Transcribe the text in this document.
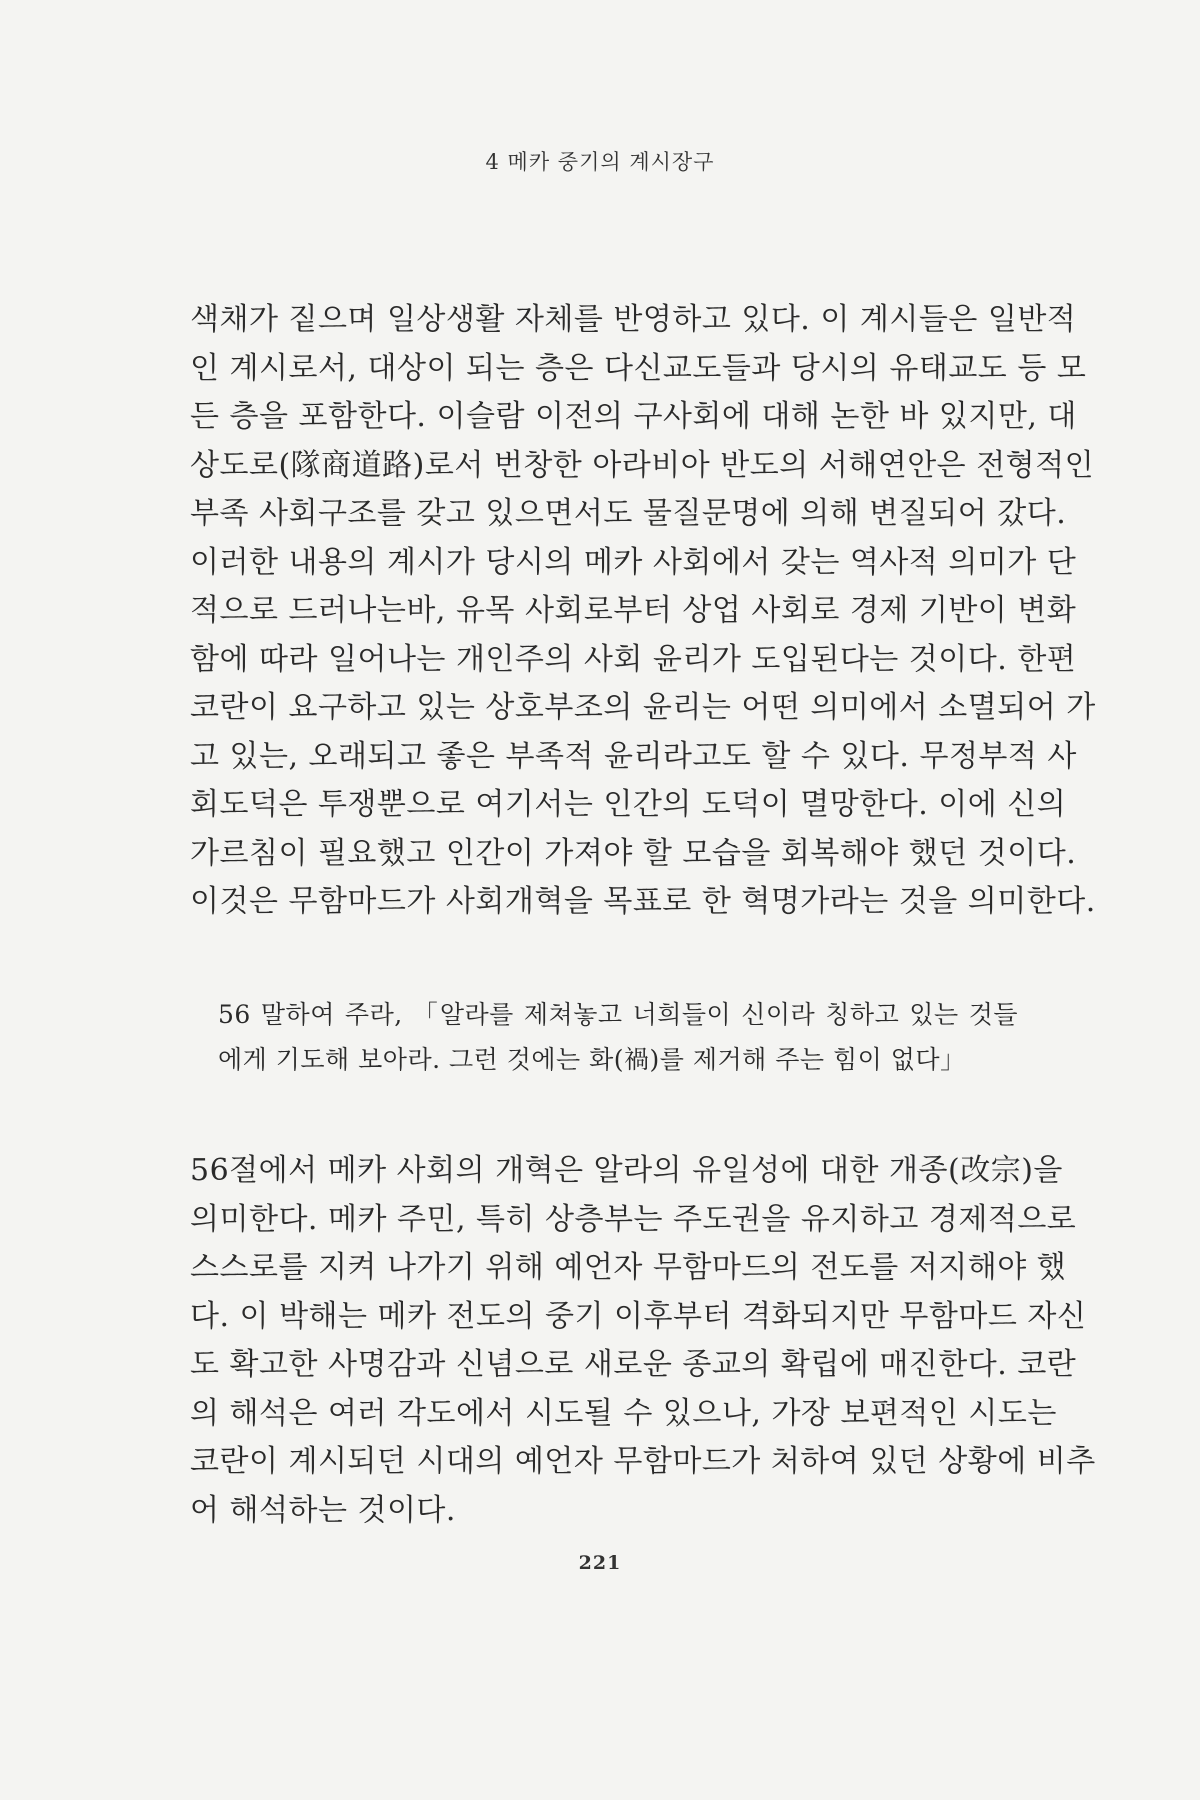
4 메카 중기의 계시장구
색채가 짙으며 일상생활 자체를 반영하고 있다. 이 계시들은 일반적
인 계시로서, 대상이 되는 층은 다신교도들과 당시의 유태교도 등 모
든 층을 포함한다. 이슬람 이전의 구사회에 대해 논한 바 있지만, 대
상도로(隊商道路)로서 번창한 아라비아 반도의 서해연안은 전형적인
부족 사회구조를 갖고 있으면서도 물질문명에 의해 변질되어 갔다.
이러한 내용의 계시가 당시의 메카 사회에서 갖는 역사적 의미가 단
적으로 드러나는바, 유목 사회로부터 상업 사회로 경제 기반이 변화
함에 따라 일어나는 개인주의 사회 윤리가 도입된다는 것이다. 한편
코란이 요구하고 있는 상호부조의 윤리는 어떤 의미에서 소멸되어 가
고 있는, 오래되고 좋은 부족적 윤리라고도 할 수 있다. 무정부적 사
회도덕은 투쟁뿐으로 여기서는 인간의 도덕이 멸망한다. 이에 신의
가르침이 필요했고 인간이 가져야 할 모습을 회복해야 했던 것이다.
이것은 무함마드가 사회개혁을 목표로 한 혁명가라는 것을 의미한다.
56 말하여 주라, 「알라를 제쳐놓고 너희들이 신이라 칭하고 있는 것들
에게 기도해 보아라. 그런 것에는 화(禍)를 제거해 주는 힘이 없다」
56절에서 메카 사회의 개혁은 알라의 유일성에 대한 개종(改宗)을
의미한다. 메카 주민, 특히 상층부는 주도권을 유지하고 경제적으로
스스로를 지켜 나가기 위해 예언자 무함마드의 전도를 저지해야 했
다. 이 박해는 메카 전도의 중기 이후부터 격화되지만 무함마드 자신
도 확고한 사명감과 신념으로 새로운 종교의 확립에 매진한다. 코란
의 해석은 여러 각도에서 시도될 수 있으나, 가장 보편적인 시도는
코란이 계시되던 시대의 예언자 무함마드가 처하여 있던 상황에 비추
어 해석하는 것이다.
221
